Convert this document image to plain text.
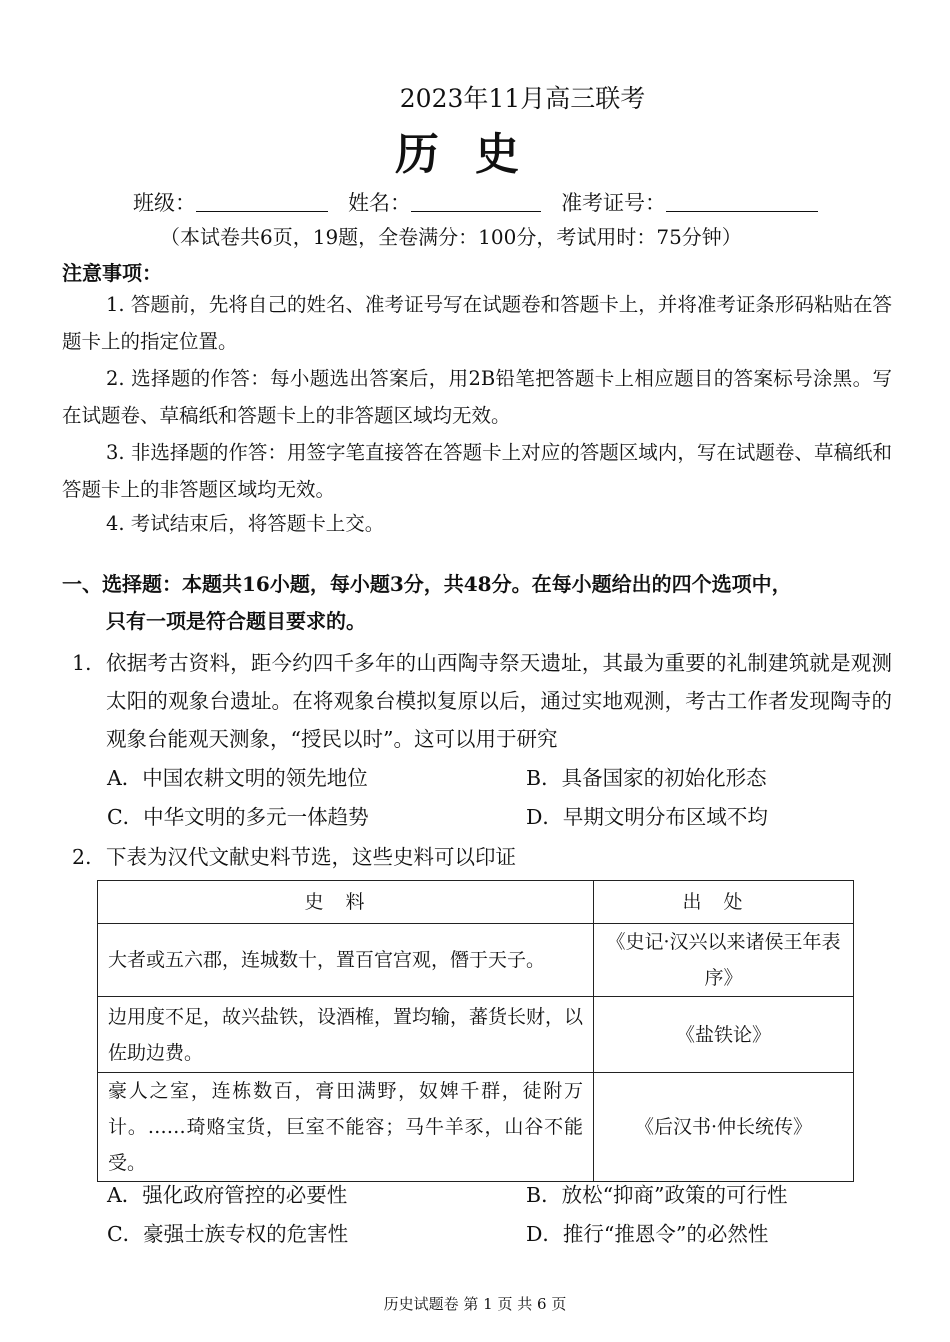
2023年11月高三联考
历史
班级：	姓名：	准考证号：
（本试卷共6页，19题，全卷满分：100分，考试用时：75分钟）
注意事项：
1. 答题前，先将自己的姓名、准考证号写在试题卷和答题卡上，并将准考证条形码粘贴在答题卡上的指定位置。
2. 选择题的作答：每小题选出答案后，用2B铅笔把答题卡上相应题目的答案标号涂黑。写在试题卷、草稿纸和答题卡上的非答题区域均无效。
3. 非选择题的作答：用签字笔直接答在答题卡上对应的答题区域内，写在试题卷、草稿纸和答题卡上的非答题区域均无效。
4. 考试结束后，将答题卡上交。
一、选择题：本题共16小题，每小题3分，共48分。在每小题给出的四个选项中，
只有一项是符合题目要求的。
1. 依据考古资料，距今约四千多年的山西陶寺祭天遗址，其最为重要的礼制建筑就是观测太阳的观象台遗址。在将观象台模拟复原以后，通过实地观测，考古工作者发现陶寺的观象台能观天测象，“授民以时”。这可以用于研究
A．中国农耕文明的领先地位	B．具备国家的初始化形态
C．中华文明的多元一体趋势	D．早期文明分布区域不均
2. 下表为汉代文献史料节选，这些史料可以印证
史料	出处
大者或五六郡，连城数十，置百官宫观，僭于天子。	《史记·汉兴以来诸侯王年表序》
边用度不足，故兴盐铁，设酒榷，置均输，蕃货长财，以佐助边费。	《盐铁论》
豪人之室，连栋数百，膏田满野，奴婢千群，徒附万计。……琦赂宝货，巨室不能容；马牛羊豕，山谷不能受。	《后汉书·仲长统传》
A．强化政府管控的必要性	B．放松“抑商”政策的可行性
C．豪强士族专权的危害性	D．推行“推恩令”的必然性
历史试题卷 第 1 页 共 6 页
